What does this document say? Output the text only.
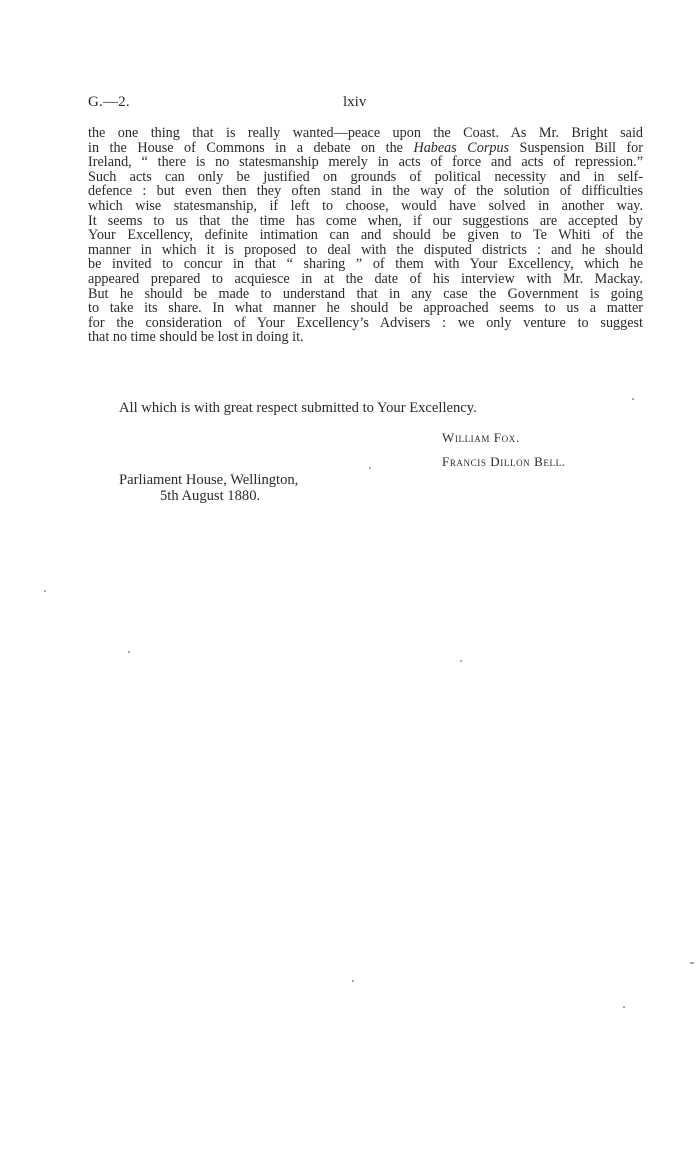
G.—2.	lxiv
the one thing that is really wanted—peace upon the Coast. As Mr. Bright said
in the House of Commons in a debate on the Habeas Corpus Suspension Bill for
Ireland, “ there is no statesmanship merely in acts of force and acts of repression.”
Such acts can only be justified on grounds of political necessity and in self-
defence : but even then they often stand in the way of the solution of difficulties
which wise statesmanship, if left to choose, would have solved in another way.
It seems to us that the time has come when, if our suggestions are accepted by
Your Excellency, definite intimation can and should be given to Te Whiti of the
manner in which it is proposed to deal with the disputed districts : and he should
be invited to concur in that “ sharing ” of them with Your Excellency, which he
appeared prepared to acquiesce in at the date of his interview with Mr. Mackay.
But he should be made to understand that in any case the Government is going
to take its share. In what manner he should be approached seems to us a matter
for the consideration of Your Excellency’s Advisers : we only venture to suggest
that no time should be lost in doing it.
All which is with great respect submitted to Your Excellency.
William Fox.
Francis Dillon Bell.
Parliament House, Wellington,
5th August 1880.
